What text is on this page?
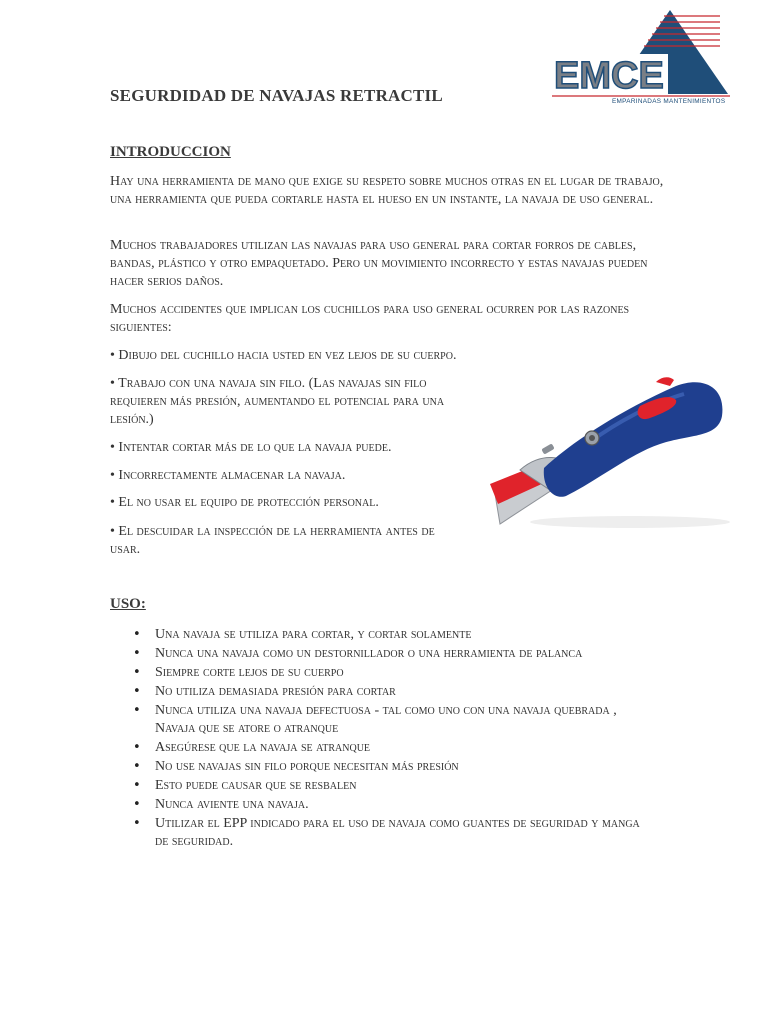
EMCE
EMPARINADAS MANTENIMIENTOS
SEGURDIDAD DE NAVAJAS RETRACTIL
INTRODUCCION

Hay una herramienta de mano que exige su respeto sobre muchos otras en el lugar de trabajo, una herramienta que pueda cortarle hasta el hueso en un instante, la navaja de uso general.

Muchos trabajadores utilizan las navajas para uso general para cortar forros de cables, bandas, plástico y otro empaquetado. Pero un movimiento incorrecto y estas navajas pueden hacer serios daños.

Muchos accidentes que implican los cuchillos para uso general ocurren por las razones siguientes:

• Dibujo del cuchillo hacia usted en vez lejos de su cuerpo.

• Trabajo con una navaja sin filo. (Las navajas sin filo requieren más presión, aumentando el potencial para una lesión.)

• Intentar cortar más de lo que la navaja puede.

• Incorrectamente almacenar la navaja.

• El no usar el equipo de protección personal.

• El descuidar la inspección de la herramienta antes de usar.

USO:
• Una navaja se utiliza para cortar, y cortar solamente
• Nunca una navaja como un destornillador o una herramienta de palanca
• Siempre corte lejos de su cuerpo
• No utiliza demasiada presión para cortar
• Nunca utiliza una navaja defectuosa - tal como uno con una navaja quebrada , Navaja que se atore o atranque
• Asegúrese que la navaja se atranque
• No use navajas sin filo porque necesitan más presión
• Esto puede causar que se resbalen
• Nunca aviente una navaja.
• Utilizar el EPP indicado para el uso de navaja como guantes de seguridad y manga de seguridad.
